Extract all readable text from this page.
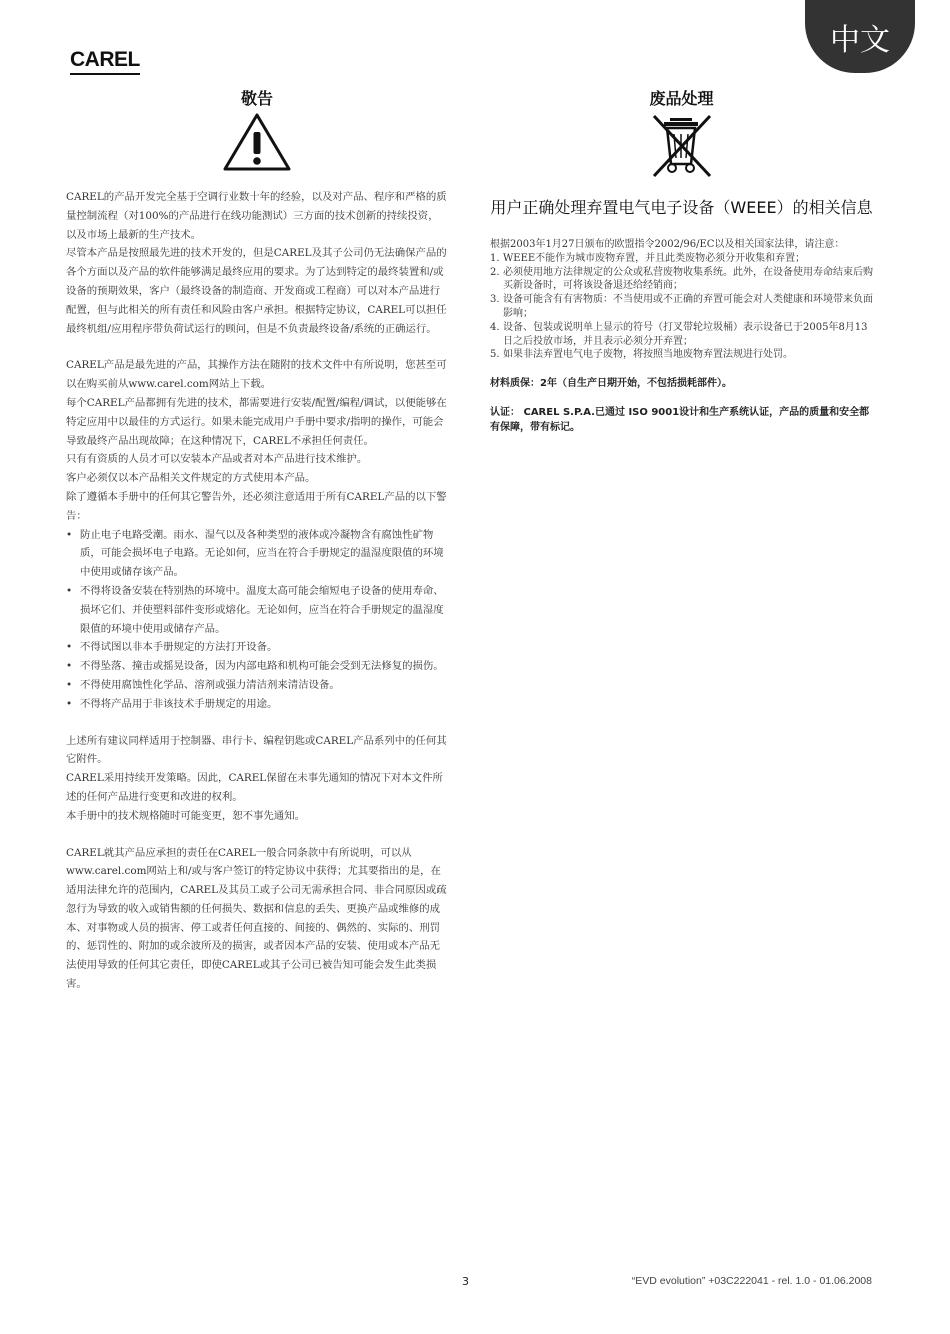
CAREL
中文
敬告

CAREL的产品开发完全基于空调行业数十年的经验，以及对产品、程序和严格的质量控制流程（对100%的产品进行在线功能测试）三方面的技术创新的持续投资，以及市场上最新的生产技术。

尽管本产品是按照最先进的技术开发的，但是CAREL及其子公司仍无法确保产品的各个方面以及产品的软件能够满足最终应用的要求。为了达到特定的最终装置和/或设备的预期效果，客户（最终设备的制造商、开发商或工程商）可以对本产品进行配置，但与此相关的所有责任和风险由客户承担。根据特定协议，CAREL可以担任最终机组/应用程序带负荷试运行的顾问，但是不负责最终设备/系统的正确运行。

CAREL产品是最先进的产品，其操作方法在随附的技术文件中有所说明，您甚至可以在购买前从www.carel.com网站上下载。

每个CAREL产品都拥有先进的技术，都需要进行安装/配置/编程/调试，以便能够在特定应用中以最佳的方式运行。如果未能完成用户手册中要求/指明的操作，可能会导致最终产品出现故障；在这种情况下，CAREL不承担任何责任。

只有有资质的人员才可以安装本产品或者对本产品进行技术维护。

客户必须仅以本产品相关文件规定的方式使用本产品。

除了遵循本手册中的任何其它警告外，还必须注意适用于所有CAREL产品的以下警告：

• 防止电子电路受潮。雨水、湿气以及各种类型的液体或冷凝物含有腐蚀性矿物质，可能会损坏电子电路。无论如何，应当在符合手册规定的温湿度限值的环境中使用或储存该产品。
• 不得将设备安装在特别热的环境中。温度太高可能会缩短电子设备的使用寿命、损坏它们、并使塑料部件变形或熔化。无论如何，应当在符合手册规定的温湿度限值的环境中使用或储存产品。
• 不得试图以非本手册规定的方法打开设备。
• 不得坠落、撞击或摇晃设备，因为内部电路和机构可能会受到无法修复的损伤。
• 不得使用腐蚀性化学品、溶剂或强力清洁剂来清洁设备。
• 不得将产品用于非该技术手册规定的用途。

上述所有建议同样适用于控制器、串行卡、编程钥匙或CAREL产品系列中的任何其它附件。

CAREL采用持续开发策略。因此，CAREL保留在未事先通知的情况下对本文件所述的任何产品进行变更和改进的权利。

本手册中的技术规格随时可能变更，恕不事先通知。

CAREL就其产品应承担的责任在CAREL一般合同条款中有所说明，可以从www.carel.com网站上和/或与客户签订的特定协议中获得；尤其要指出的是，在适用法律允许的范围内，CAREL及其员工或子公司无需承担合同、非合同原因或疏忽行为导致的收入或销售额的任何损失、数据和信息的丢失、更换产品或维修的成本、对事物或人员的损害、停工或者任何直接的、间接的、偶然的、实际的、刑罚的、惩罚性的、附加的或余波所及的损害，或者因本产品的安装、使用或本产品无法使用导致的任何其它责任，即使CAREL或其子公司已被告知可能会发生此类损害。

废品处理
用户正确处理弃置电气电子设备（WEEE）的相关信息

根据2003年1月27日颁布的欧盟指令2002/96/EC以及相关国家法律，请注意：

1. WEEE不能作为城市废物弃置，并且此类废物必须分开收集和弃置；
2. 必须使用地方法律规定的公众或私营废物收集系统。此外，在设备使用寿命结束后购买新设备时，可将该设备退还给经销商；
3. 设备可能含有有害物质：不当使用或不正确的弃置可能会对人类健康和环境带来负面影响；
4. 设备、包装或说明单上显示的符号（打叉带轮垃圾桶）表示设备已于2005年8月13日之后投放市场，并且表示必须分开弃置；
5. 如果非法弃置电气电子废物，将按照当地废物弃置法规进行处罚。

材料质保：2年（自生产日期开始，不包括损耗部件）。

认证： CAREL S.P.A.已通过 ISO 9001设计和生产系统认证，产品的质量和安全都有保障，带有标记。

3	“EVD evolution” +03C222041 - rel. 1.0 - 01.06.2008
